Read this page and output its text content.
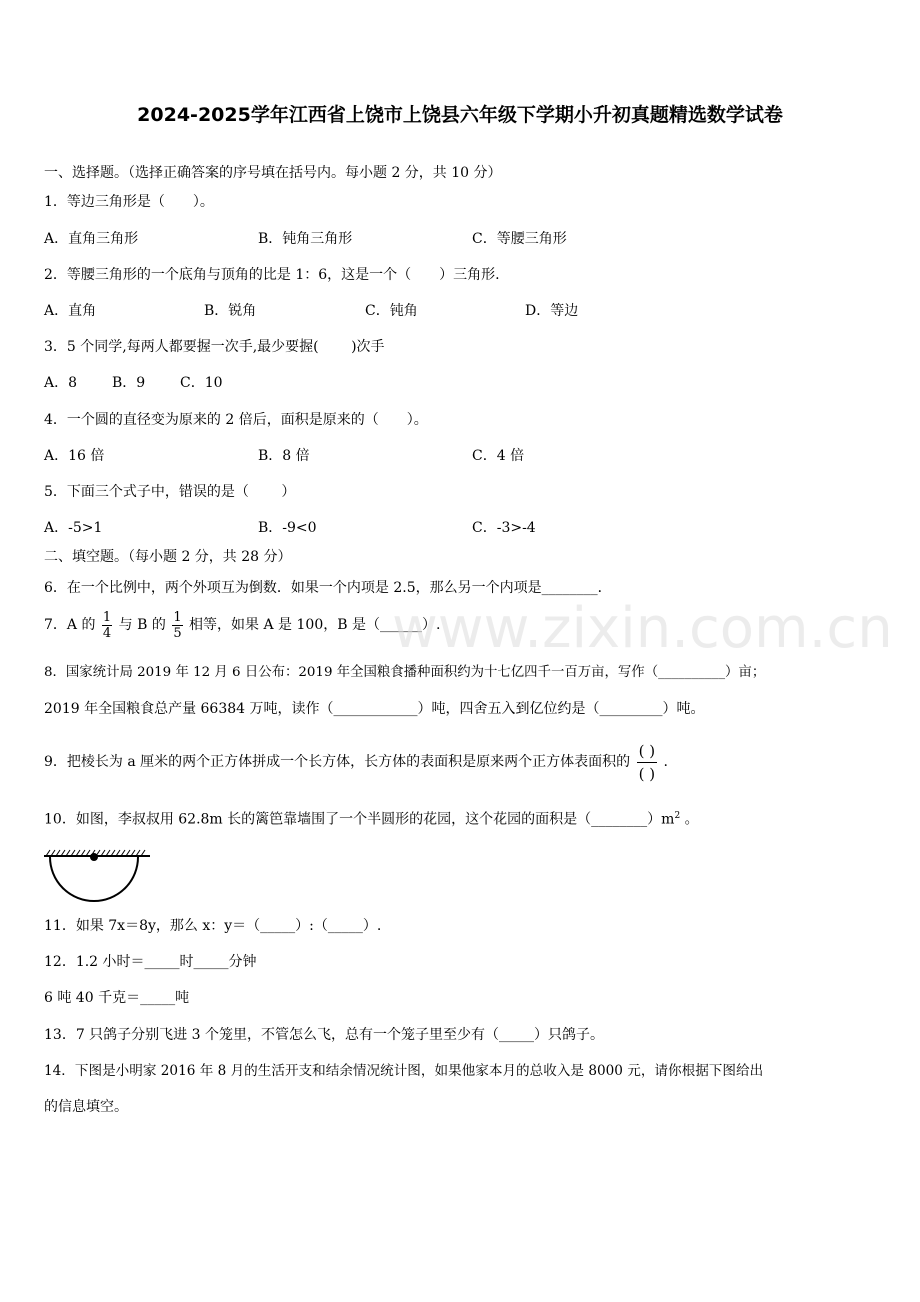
2024-2025学年江西省上饶市上饶县六年级下学期小升初真题精选数学试卷
一、选择题。（选择正确答案的序号填在括号内。每小题 2 分，共 10 分）
1．等边三角形是（　　）。
A．直角三角形	B．钝角三角形	C．等腰三角形
2．等腰三角形的一个底角与顶角的比是 1：6，这是一个（　　）三角形.
A．直角	B．锐角	C．钝角	D．等边
3．5 个同学,每两人都要握一次手,最少要握(　　 )次手
A．8 B．9 C．10
4．一个圆的直径变为原来的 2 倍后，面积是原来的（　　）。
A．16 倍	B．8 倍	C．4 倍
5．下面三个式子中，错误的是（　　 ）
A．-5>1	B．-9<0	C．-3>-4
二、填空题。（每小题 2 分，共 28 分）
6．在一个比例中，两个外项互为倒数．如果一个内项是 2.5，那么另一个内项是________．
7．A 的 $\frac{1}{4}$ 与 B 的 $\frac{1}{5}$ 相等，如果 A 是 100，B 是（______）.
8．国家统计局 2019 年 12 月 6 日公布：2019 年全国粮食播种面积约为十七亿四千一百万亩，写作（__________）亩；
2019 年全国粮食总产量 66384 万吨，读作（____________）吨，四舍五入到亿位约是（_________）吨。
9．把棱长为 a 厘米的两个正方体拼成一个长方体，长方体的表面积是原来两个正方体表面积的 $\frac{( )}{( )}$ .
10．如图，李叔叔用 62.8m 长的篱笆靠墙围了一个半圆形的花园，这个花园的面积是$(\_\_\_\_\_\_\_\_)m^2$ 。
11．如果 7x＝8y，那么 x：y＝（_____）:（_____）.
12．1.2 小时＝_____时_____分钟
6 吨 40 千克＝_____吨
13．7 只鸽子分别飞进 3 个笼里，不管怎么飞，总有一个笼子里至少有（_____）只鸽子。
14．下图是小明家 2016 年 8 月的生活开支和结余情况统计图，如果他家本月的总收入是 8000 元，请你根据下图给出
的信息填空。
www.zixin.com.cn
